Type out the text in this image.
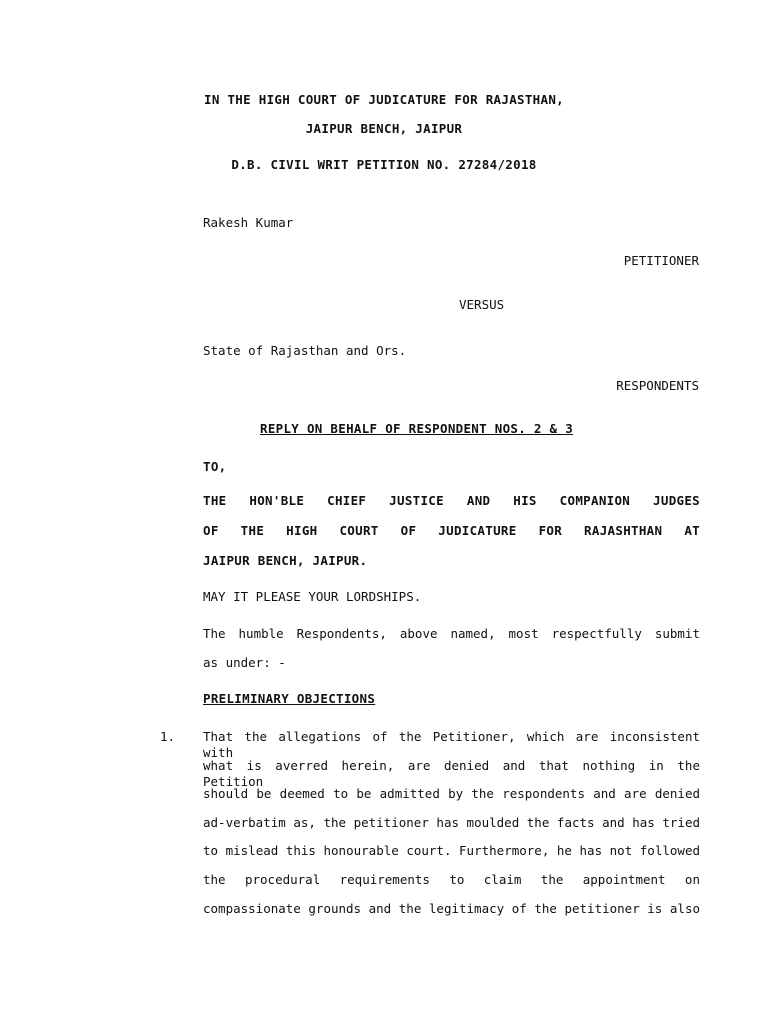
IN THE HIGH COURT OF JUDICATURE FOR RAJASTHAN,
JAIPUR BENCH, JAIPUR
D.B. CIVIL WRIT PETITION NO. 27284/2018
Rakesh Kumar
PETITIONER
VERSUS
State of Rajasthan and Ors.
RESPONDENTS
REPLY ON BEHALF OF RESPONDENT NOS. 2 & 3
TO,
THE HON'BLE CHIEF JUSTICE AND HIS COMPANION JUDGES
OF THE HIGH COURT OF JUDICATURE FOR RAJASHTHAN AT
JAIPUR BENCH, JAIPUR.
MAY IT PLEASE YOUR LORDSHIPS.
The humble Respondents, above named, most respectfully submit
as under: -
PRELIMINARY OBJECTIONS
1. That the allegations of the Petitioner, which are inconsistent with
what is averred herein, are denied and that nothing in the Petition
should be deemed to be admitted by the respondents and are denied
ad-verbatim as, the petitioner has moulded the facts and has tried
to mislead this honourable court. Furthermore, he has not followed
the procedural requirements to claim the appointment on
compassionate grounds and the legitimacy of the petitioner is also
